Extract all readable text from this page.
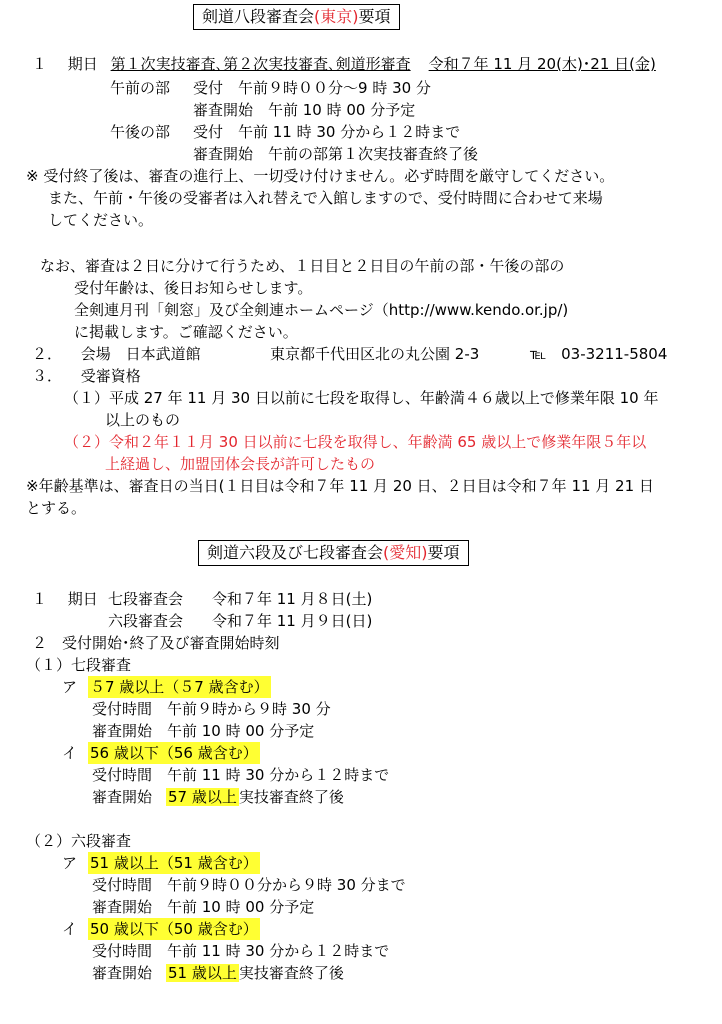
剣道八段審査会(東京)要項
１ 期日 第１次実技審査､第２次実技審査､剣道形審査 令和７年 11 月 20(木)･21 日(金)
午前の部 受付　午前９時００分～9 時 30 分
審査開始　午前 10 時 00 分予定
午後の部 受付　午前 11 時 30 分から１２時まで
審査開始　午前の部第１次実技審査終了後
※ 受付終了後は、審査の進行上、一切受け付けません。必ず時間を厳守してください。
また、午前・午後の受審者は入れ替えで入館しますので、受付時間に合わせて来場
してください。
なお、審査は２日に分けて行うため、１日目と２日目の午前の部・午後の部の
受付年齢は、後日お知らせします。
全剣連月刊「剣窓」及び全剣連ホームページ（http://www.kendo.or.jp/)
に掲載します。ご確認ください。
２． 会場 日本武道館	東京都千代田区北の丸公園 2-3	℡　03-3211-5804
３． 受審資格
（１）平成 27 年 11 月 30 日以前に七段を取得し、年齢満４６歳以上で修業年限 10 年
以上のもの
（２）令和２年１１月 30 日以前に七段を取得し、年齢満 65 歳以上で修業年限５年以
上経過し、加盟団体会長が許可したもの
※年齢基準は、審査日の当日(１日目は令和７年 11 月 20 日、２日目は令和７年 11 月 21 日
とする。
剣道六段及び七段審査会(愛知)要項
１ 期日 七段審査会 令和７年 11 月８日(土)
六段審査会 令和７年 11 月９日(日)
２　受付開始･終了及び審査開始時刻
（１）七段審査
ア ５7 歳以上（５7 歳含む）
受付時間　午前９時から９時 30 分
審査開始　午前 10 時 00 分予定
イ 56 歳以下（56 歳含む）
受付時間　午前 11 時 30 分から１２時まで
審査開始 57 歳以上 実技審査終了後
（２）六段審査
ア 51 歳以上（51 歳含む）
受付時間　午前９時００分から９時 30 分まで
審査開始　午前 10 時 00 分予定
イ 50 歳以下（50 歳含む）
受付時間　午前 11 時 30 分から１２時まで
審査開始 51 歳以上 実技審査終了後
